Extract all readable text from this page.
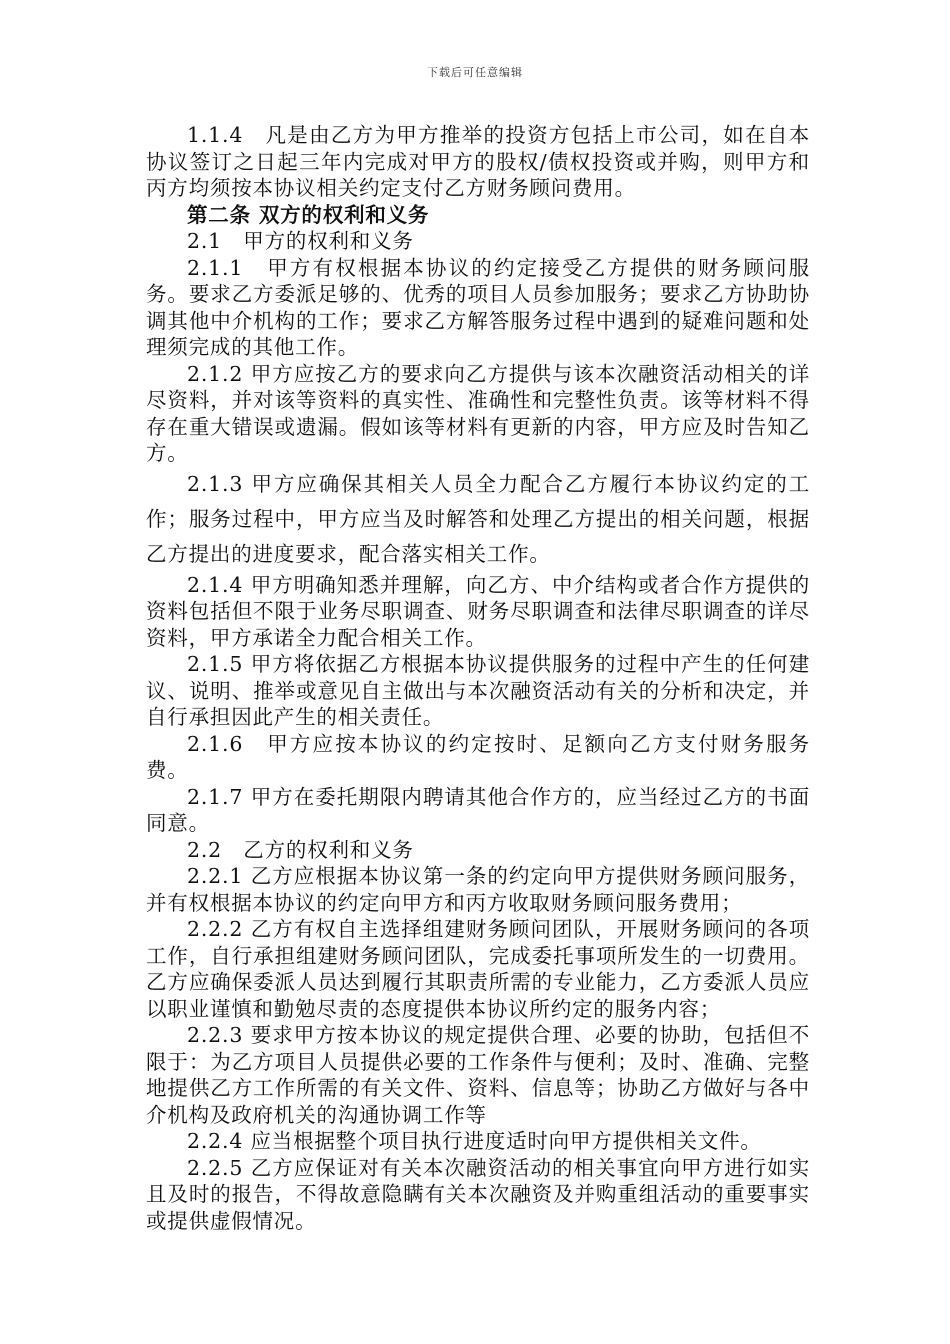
下载后可任意编辑

1.1.4　凡是由乙方为甲方推举的投资方包括上市公司，如在自本协议签订之日起三年内完成对甲方的股权/债权投资或并购，则甲方和丙方均须按本协议相关约定支付乙方财务顾问费用。

第二条 双方的权利和义务

2.1　甲方的权利和义务

2.1.1　甲方有权根据本协议的约定接受乙方提供的财务顾问服务。要求乙方委派足够的、优秀的项目人员参加服务；要求乙方协助协调其他中介机构的工作；要求乙方解答服务过程中遇到的疑难问题和处理须完成的其他工作。

2.1.2 甲方应按乙方的要求向乙方提供与该本次融资活动相关的详尽资料，并对该等资料的真实性、准确性和完整性负责。该等材料不得存在重大错误或遗漏。假如该等材料有更新的内容，甲方应及时告知乙方。

2.1.3 甲方应确保其相关人员全力配合乙方履行本协议约定的工作；服务过程中，甲方应当及时解答和处理乙方提出的相关问题，根据乙方提出的进度要求，配合落实相关工作。

2.1.4 甲方明确知悉并理解，向乙方、中介结构或者合作方提供的资料包括但不限于业务尽职调查、财务尽职调查和法律尽职调查的详尽资料，甲方承诺全力配合相关工作。

2.1.5 甲方将依据乙方根据本协议提供服务的过程中产生的任何建议、说明、推举或意见自主做出与本次融资活动有关的分析和决定，并自行承担因此产生的相关责任。

2.1.6　甲方应按本协议的约定按时、足额向乙方支付财务服务费。

2.1.7 甲方在委托期限内聘请其他合作方的，应当经过乙方的书面同意。

2.2　乙方的权利和义务

2.2.1 乙方应根据本协议第一条的约定向甲方提供财务顾问服务，并有权根据本协议的约定向甲方和丙方收取财务顾问服务费用；

2.2.2 乙方有权自主选择组建财务顾问团队，开展财务顾问的各项工作，自行承担组建财务顾问团队，完成委托事项所发生的一切费用。乙方应确保委派人员达到履行其职责所需的专业能力，乙方委派人员应以职业谨慎和勤勉尽责的态度提供本协议所约定的服务内容；

2.2.3 要求甲方按本协议的规定提供合理、必要的协助，包括但不限于：为乙方项目人员提供必要的工作条件与便利；及时、准确、完整地提供乙方工作所需的有关文件、资料、信息等；协助乙方做好与各中介机构及政府机关的沟通协调工作等

2.2.4 应当根据整个项目执行进度适时向甲方提供相关文件。

2.2.5 乙方应保证对有关本次融资活动的相关事宜向甲方进行如实且及时的报告，不得故意隐瞒有关本次融资及并购重组活动的重要事实或提供虚假情况。
